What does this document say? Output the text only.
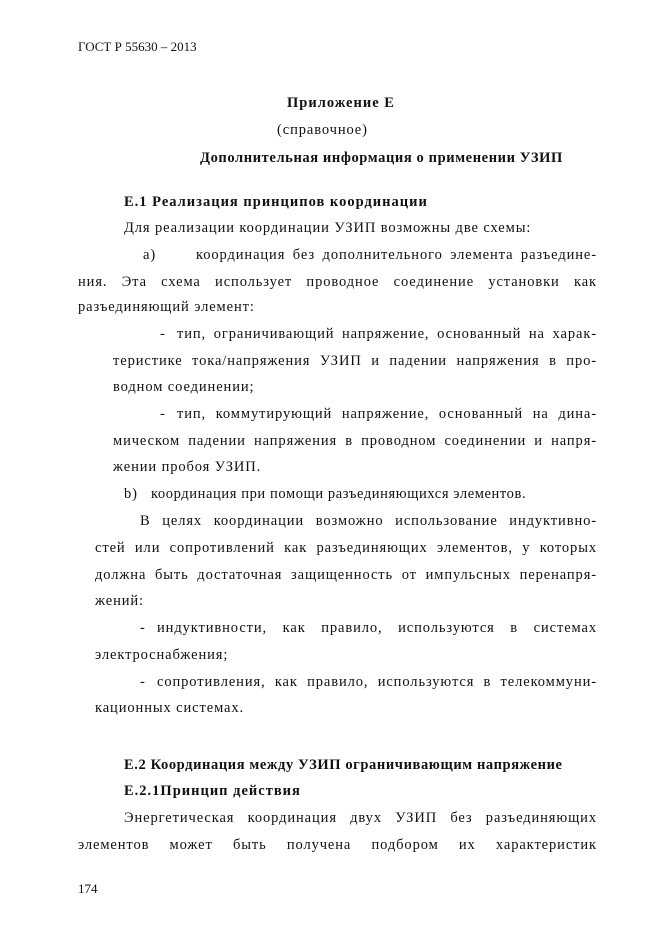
ГОСТ Р 55630 – 2013
Приложение Е
(справочное)
Дополнительная информация о применении УЗИП
Е.1 Реализация принципов координации
Для реализации координации УЗИП возможны две схемы:
а)	координация без дополнительного элемента разъедине-
ния. Эта схема использует проводное соединение установки как
разъединяющий элемент:
- тип, ограничивающий напряжение, основанный на харак-
теристике тока/напряжения УЗИП и падении напряжения в про-
водном соединении;
- тип, коммутирующий напряжение, основанный на дина-
мическом падении напряжения в проводном соединении и напря-
жении пробоя УЗИП.
b) координация при помощи разъединяющихся элементов.
В целях координации возможно использование индуктивно-
стей или сопротивлений как разъединяющих элементов, у которых
должна быть достаточная защищенность от импульсных перенапря-
жений:
- индуктивности, как правило, используются в системах
электроснабжения;
- сопротивления, как правило, используются в телекоммуни-
кационных системах.
Е.2 Координация между УЗИП ограничивающим напряжение
Е.2.1Принцип действия
Энергетическая координация двух УЗИП без разъединяющих
элементов может быть получена подбором их характеристик
174
